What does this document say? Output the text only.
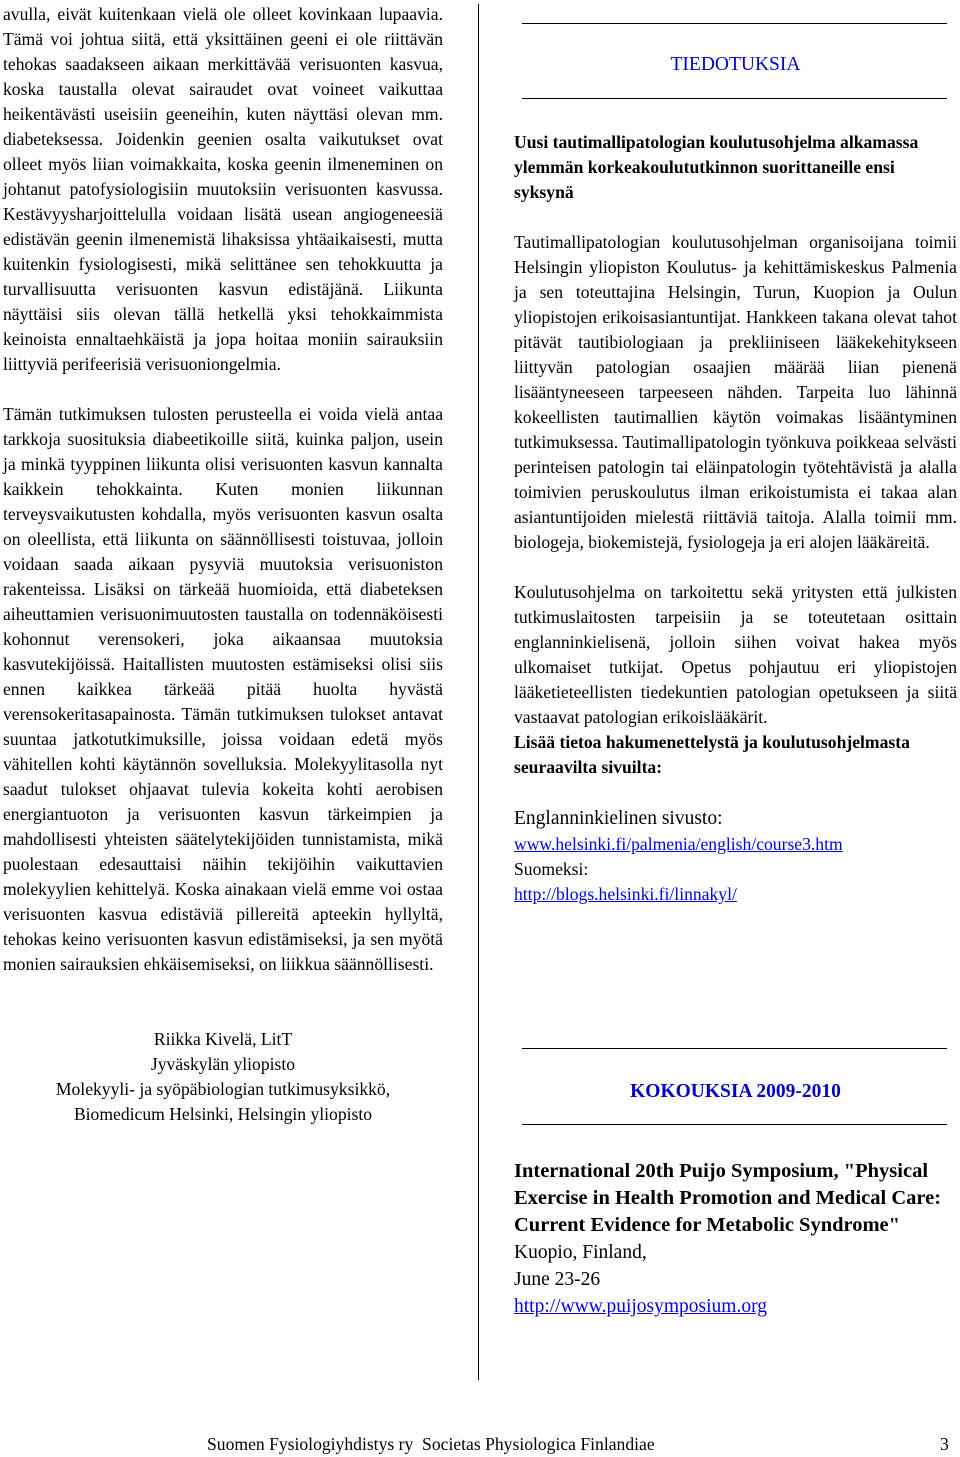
avulla, eivät kuitenkaan vielä ole olleet kovinkaan lupaavia. Tämä voi johtua siitä, että yksittäinen geeni ei ole riittävän tehokas saadakseen aikaan merkittävää verisuonten kasvua, koska taustalla olevat sairaudet ovat voineet vaikuttaa heikentävästi useisiin geeneihin, kuten näyttäsi olevan mm. diabeteksessa. Joidenkin geenien osalta vaikutukset ovat olleet myös liian voimakkaita, koska geenin ilmeneminen on johtanut patofysiologisiin muutoksiin verisuonten kasvussa. Kestävyysharjoittelulla voidaan lisätä usean angiogeneesiä edistävän geenin ilmenemistä lihaksissa yhtäaikaisesti, mutta kuitenkin fysiologisesti, mikä selittänee sen tehokkuutta ja turvallisuutta verisuonten kasvun edistäjänä. Liikunta näyttäisi siis olevan tällä hetkellä yksi tehokkaimmista keinoista ennaltaehkäistä ja jopa hoitaa moniin sairauksiin liittyviä perifeerisiä verisuoniongelmia.

Tämän tutkimuksen tulosten perusteella ei voida vielä antaa tarkkoja suosituksia diabeetikoille siitä, kuinka paljon, usein ja minkä tyyppinen liikunta olisi verisuonten kasvun kannalta kaikkein tehokkainta. Kuten monien liikunnan terveysvaikutusten kohdalla, myös verisuonten kasvun osalta on oleellista, että liikunta on säännöllisesti toistuvaa, jolloin voidaan saada aikaan pysyviä muutoksia verisuoniston rakenteissa. Lisäksi on tärkeää huomioida, että diabeteksen aiheuttamien verisuonimuutosten taustalla on todennäköisesti kohonnut verensokeri, joka aikaansaa muutoksia kasvutekijöissä. Haitallisten muutosten estämiseksi olisi siis ennen kaikkea tärkeää pitää huolta hyvästä verensokeritasapainosta. Tämän tutkimuksen tulokset antavat suuntaa jatkotutkimuksille, joissa voidaan edetä myös vähitellen kohti käytännön sovelluksia. Molekyylitasolla nyt saadut tulokset ohjaavat tulevia kokeita kohti aerobisen energiantuoton ja verisuonten kasvun tärkeimpien ja mahdollisesti yhteisten säätelytekijöiden tunnistamista, mikä puolestaan edesauttaisi näihin tekijöihin vaikuttavien molekyylien kehittelyä. Koska ainakaan vielä emme voi ostaa verisuonten kasvua edistäviä pillereitä apteekin hyllyltä, tehokas keino verisuonten kasvun edistämiseksi, ja sen myötä monien sairauksien ehkäisemiseksi, on liikkua säännöllisesti.

Riikka Kivelä, LitT
Jyväskylän yliopisto
Molekyyli- ja syöpäbiologian tutkimusyksikkö,
Biomedicum Helsinki, Helsingin yliopisto
TIEDOTUKSIA

Uusi tautimallipatologian koulutusohjelma alkamassa ylemmän korkeakoulututkinnon suorittaneille ensi syksynä

Tautimallipatologian koulutusohjelman organisoijana toimii Helsingin yliopiston Koulutus- ja kehittämiskeskus Palmenia ja sen toteuttajina Helsingin, Turun, Kuopion ja Oulun yliopistojen erikoisasiantuntijat. Hankkeen takana olevat tahot pitävät tautibiologiaan ja prekliiniseen lääkekehitykseen liittyvän patologian osaajien määrää liian pienenä lisääntyneeseen tarpeeseen nähden. Tarpeita luo lähinnä kokeellisten tautimallien käytön voimakas lisääntyminen tutkimuksessa. Tautimallipatologin työnkuva poikkeaa selvästi perinteisen patologin tai eläinpatologin työtehtävistä ja alalla toimivien peruskoulutus ilman erikoistumista ei takaa alan asiantuntijoiden mielestä riittäviä taitoja. Alalla toimii mm. biologeja, biokemistejä, fysiologeja ja eri alojen lääkäreitä.

Koulutusohjelma on tarkoitettu sekä yritysten että julkisten tutkimuslaitosten tarpeisiin ja se toteutetaan osittain englanninkielisenä, jolloin siihen voivat hakea myös ulkomaiset tutkijat. Opetus pohjautuu eri yliopistojen lääketieteellisten tiedekuntien patologian opetukseen ja siitä vastaavat patologian erikoislääkärit.

Lisää tietoa hakumenettelystä ja koulutusohjelmasta seuraavilta sivuilta:

Englanninkielinen sivusto:
www.helsinki.fi/palmenia/english/course3.htm
Suomeksi:
http://blogs.helsinki.fi/linnakyl/
KOKOUKSIA 2009-2010
International 20th Puijo Symposium, "Physical Exercise in Health Promotion and Medical Care: Current Evidence for Metabolic Syndrome"
Kuopio, Finland,
June 23-26
http://www.puijosymposium.org
Suomen Fysiologiyhdistys ry  Societas Physiologica Finlandiae	3
